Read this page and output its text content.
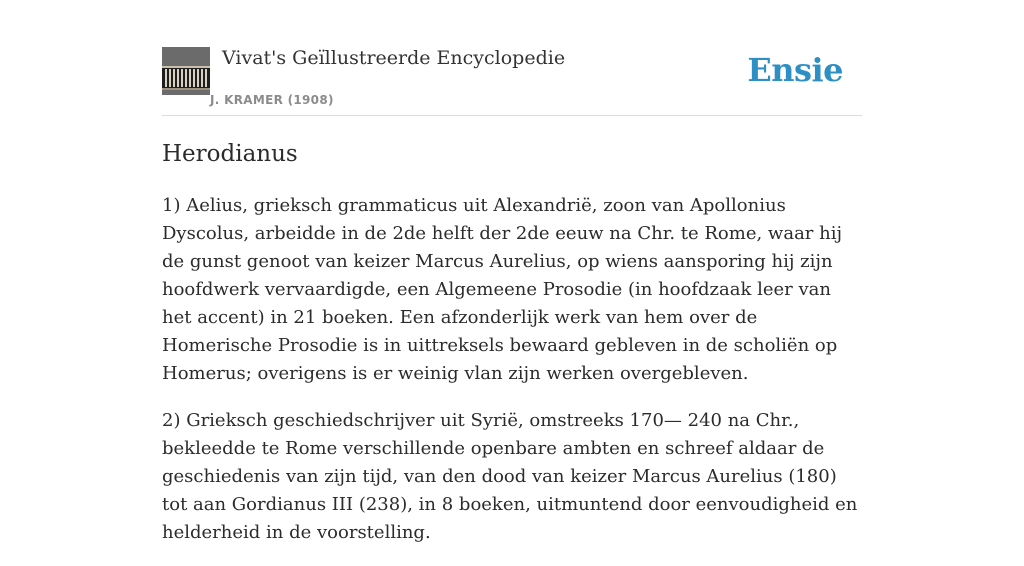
Vivat's Geïllustreerde Encyclopedie
J. KRAMER (1908)
Ensie
Herodianus

1) Aelius, grieksch grammaticus uit Alexandrië, zoon van Apollonius Dyscolus, arbeidde in de 2de helft der 2de eeuw na Chr. te Rome, waar hij de gunst genoot van keizer Marcus Aurelius, op wiens aansporing hij zijn hoofdwerk vervaardigde, een Algemeene Prosodie (in hoofdzaak leer van het accent) in 21 boeken. Een afzonderlijk werk van hem over de Homerische Prosodie is in uittreksels bewaard gebleven in de scholiën op Homerus; overigens is er weinig vlan zijn werken overgebleven.

2) Grieksch geschiedschrijver uit Syrië, omstreeks 170— 240 na Chr., bekleedde te Rome verschillende openbare ambten en schreef aldaar de geschiedenis van zijn tijd, van den dood van keizer Marcus Aurelius (180) tot aan Gordianus III (238), in 8 boeken, uitmuntend door eenvoudigheid en helderheid in de voorstelling.
